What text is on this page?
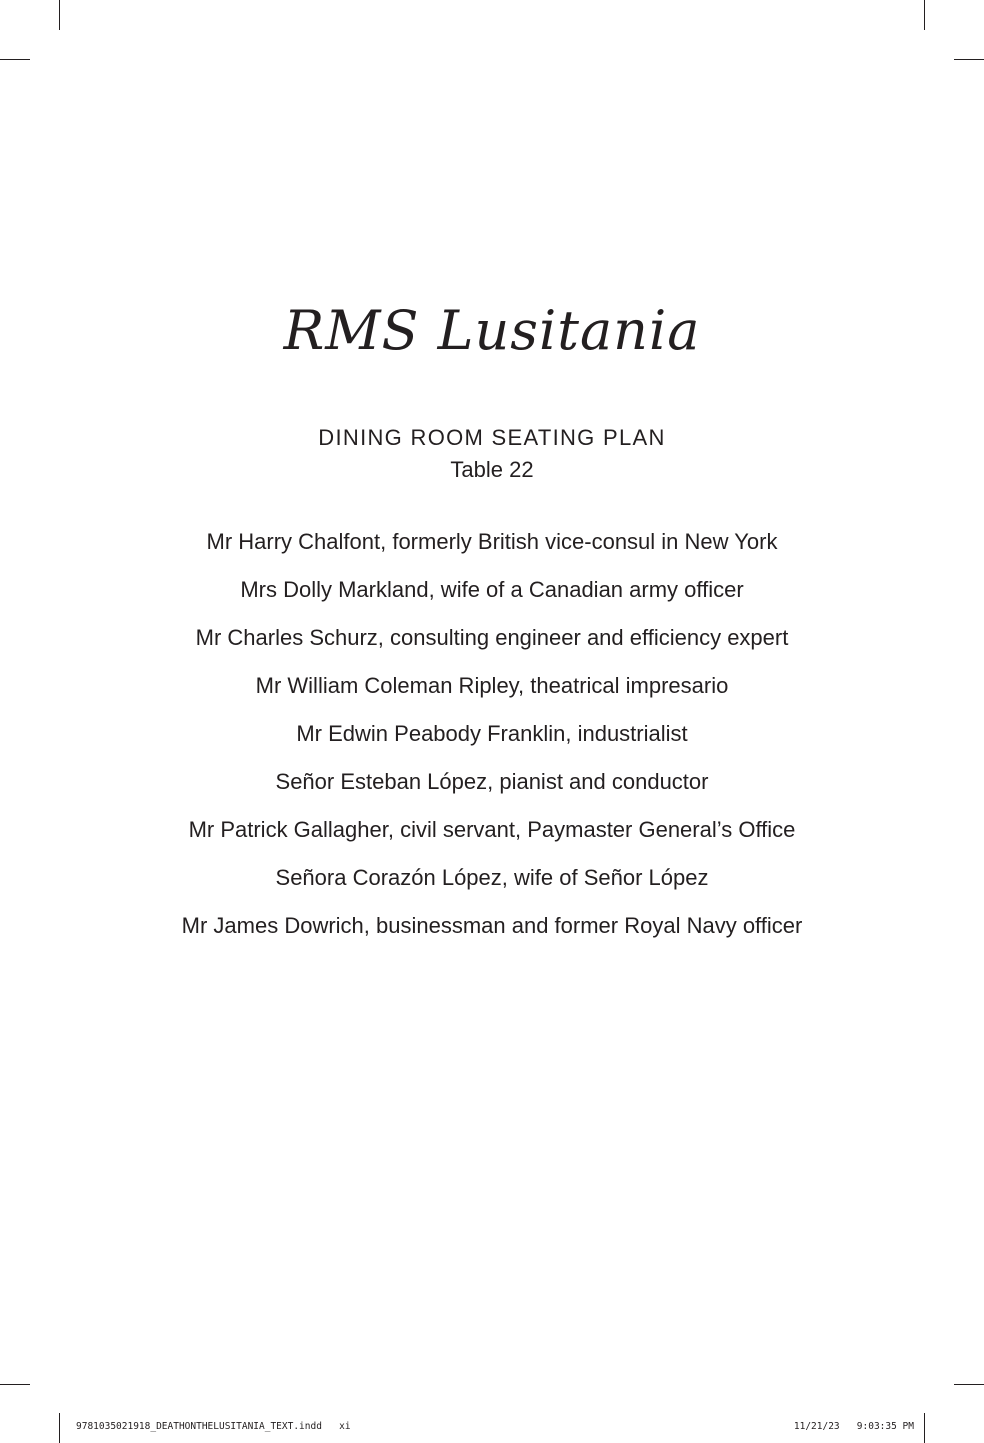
RMS Lusitania
DINING ROOM SEATING PLAN
Table 22
Mr Harry Chalfont, formerly British vice-consul in New York
Mrs Dolly Markland, wife of a Canadian army officer
Mr Charles Schurz, consulting engineer and efficiency expert
Mr William Coleman Ripley, theatrical impresario
Mr Edwin Peabody Franklin, industrialist
Señor Esteban López, pianist and conductor
Mr Patrick Gallagher, civil servant, Paymaster General’s Office
Señora Corazón López, wife of Señor López
Mr James Dowrich, businessman and former Royal Navy officer
9781035021918_DEATHONTHELUSITANIA_TEXT.indd   xi	11/21/23   9:03:35 PM
